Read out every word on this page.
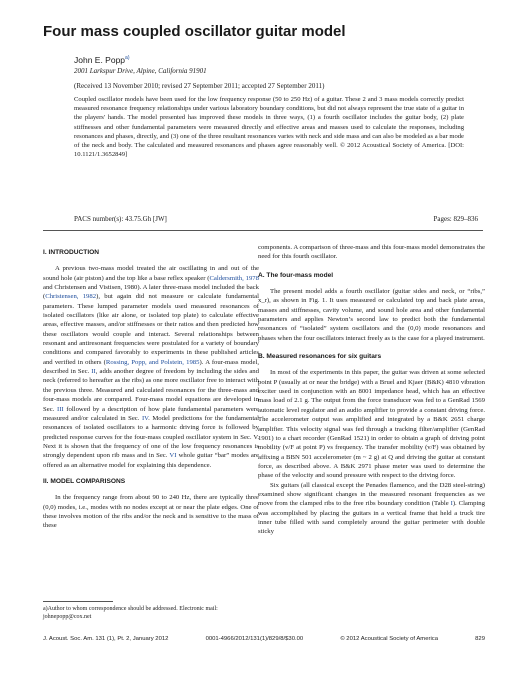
Four mass coupled oscillator guitar model
John E. Popp$^{a)}$
2001 Larkspur Drive, Alpine, California 91901
(Received 13 November 2010; revised 27 September 2011; accepted 27 September 2011)

Coupled oscillator models have been used for the low frequency response (50 to 250 Hz) of a guitar. These 2 and 3 mass models correctly predict measured resonance frequency relationships under various laboratory boundary conditions, but did not always represent the true state of a guitar in the players' hands. The model presented has improved these models in three ways, (1) a fourth oscillator includes the guitar body, (2) plate stiffnesses and other fundamental parameters were measured directly and effective areas and masses used to calculate the responses, including resonances and phases, directly, and (3) one of the three resultant resonances varies with neck and side mass and can also be modeled as a bar mode of the neck and body. The calculated and measured resonances and phases agree reasonably well. © 2012 Acoustical Society of America. [DOI: 10.1121/1.3652849]

PACS number(s): 43.75.Gh [JW]	Pages: 829–836
I. INTRODUCTION

A previous two-mass model treated the air oscillating in and out of the sound hole (air piston) and the top like a base reflex speaker (Caldersmith, 1978 and Christensen and Vistisen, 1980). A later three-mass model included the back (Christensen, 1982), but again did not measure or calculate fundamental parameters. These lumped parameter models used measured resonances of isolated oscillators (like air alone, or isolated top plate) to calculate effective areas, effective masses, and/or stiffnesses or their ratios and then predicted how these oscillators would couple and interact. Several relationships between resonant and antiresonant frequencies were postulated for a variety of boundary conditions and compared favorably to experiments in these published articles and verified in others (Rossing, Popp, and Polstein, 1985). A four-mass model, described in Sec. II, adds another degree of freedom by including the sides and neck (referred to hereafter as the ribs) as one more oscillator free to interact with the previous three. Measured and calculated resonances for the three-mass and four-mass models are compared. Four-mass model equations are developed in Sec. III followed by a description of how plate fundamental parameters were measured and/or calculated in Sec. IV. Model predictions for the fundamental resonances of isolated oscillators to a harmonic driving force is followed by predicted response curves for the four-mass coupled oscillator system in Sec. V. Next it is shown that the frequency of one of the low frequency resonances is strongly dependent upon rib mass and in Sec. VI whole guitar “bar” modes are offered as an alternative model for explaining this dependence.

II. MODEL COMPARISONS

In the frequency range from about 90 to 240 Hz, there are typically three (0,0) modes, i.e., modes with no nodes except at or near the plate edges. One of these involves motion of the ribs and/or the neck and is sensitive to the mass of these

components. A comparison of three-mass and this four-mass model demonstrates the need for this fourth oscillator.

A. The four-mass model

The present model adds a fourth oscillator (guitar sides and neck, or “ribs,” x_r), as shown in Fig. 1. It uses measured or calculated top and back plate areas, masses and stiffnesses, cavity volume, and sound hole area and other fundamental parameters and applies Newton’s second law to predict both the fundamental resonances of “isolated” system oscillators and the (0,0) mode resonances and phases when the four oscillators interact freely as is the case for a played instrument.

B. Measured resonances for six guitars

In most of the experiments in this paper, the guitar was driven at some selected point P (usually at or near the bridge) with a Bruel and Kjaer (B&K) 4810 vibration exciter used in conjunction with an 8001 impedance head, which has an effective mass load of 2.1 g. The output from the force transducer was fed to a GenRad 1569 automatic level regulator and an audio amplifier to provide a constant driving force. The accelerometer output was amplified and integrated by a B&K 2651 charge amplifier. This velocity signal was fed through a tracking filter/amplifier (GenRad 1901) to a chart recorder (GenRad 1521) in order to obtain a graph of driving point mobility (v/F at point P) vs frequency. The transfer mobility (v/F) was obtained by affixing a BBN 501 accelerometer (m ~ 2 g) at Q and driving the guitar at constant force, as described above. A B&K 2971 phase meter was used to determine the phase of the velocity and sound pressure with respect to the driving force.

Six guitars (all classical except the Penades flamenco, and the D28 steel-string) examined show significant changes in the measured resonant frequencies as we move from the clamped ribs to the free ribs boundary condition (Table I). Clamping was accomplished by placing the guitars in a vertical frame that held a truck tire inner tube filled with sand completely around the guitar perimeter with double sticky

a)Author to whom correspondence should be addressed. Electronic mail: johnepopp@cox.net
J. Acoust. Soc. Am. 131 (1), Pt. 2, January 2012	0001-4966/2012/131(1)/829/8/$30.00	© 2012 Acoustical Society of America	829
